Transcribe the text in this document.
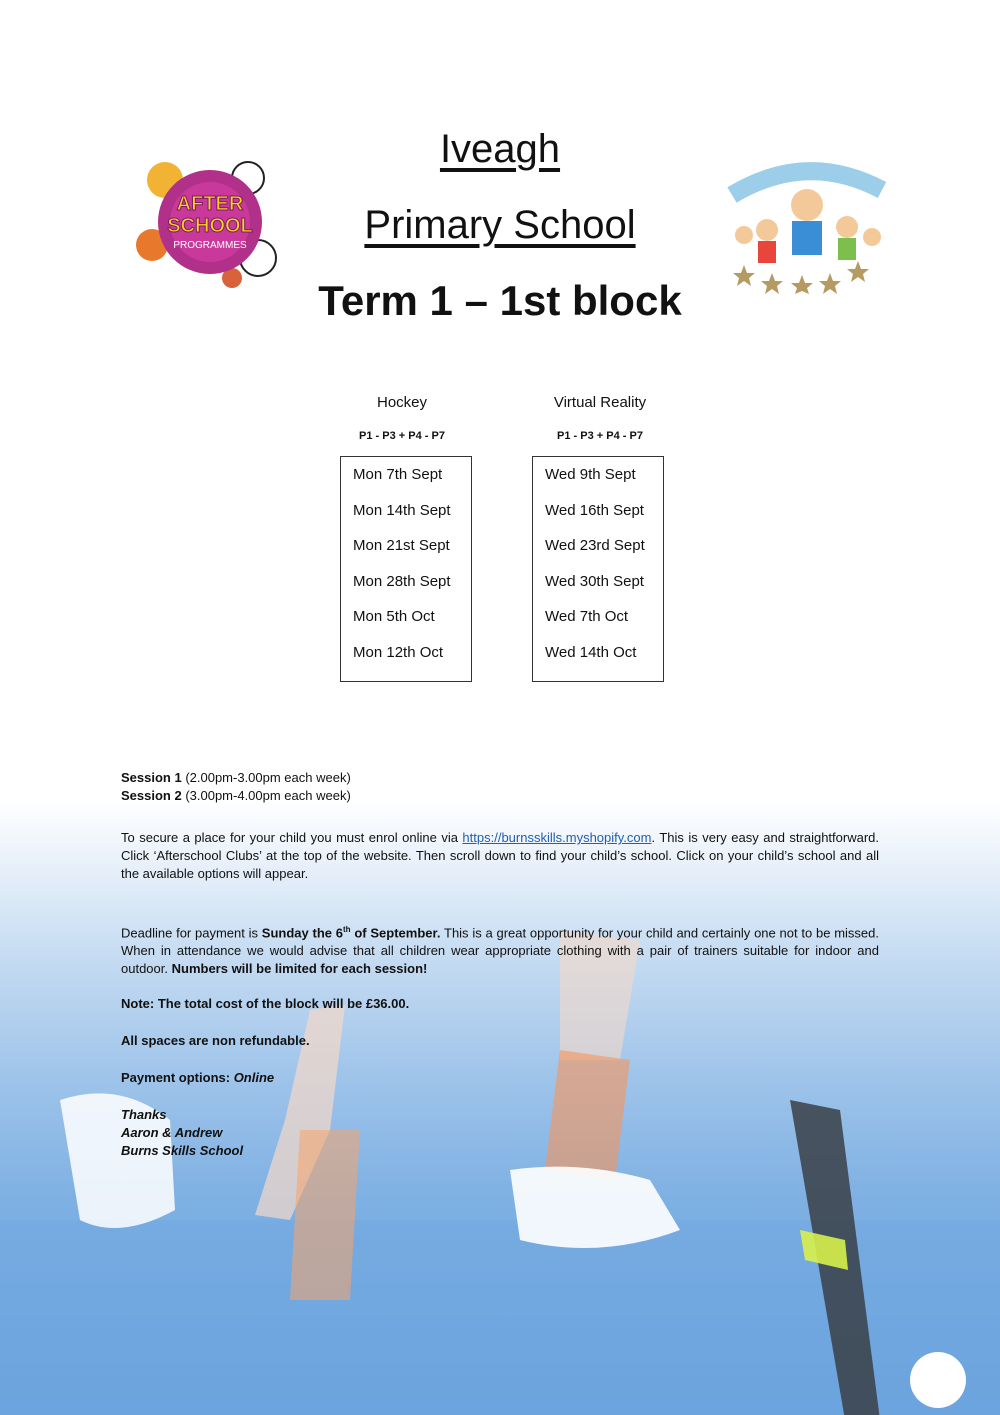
AFTER
SCHOOL
PROGRAMMES
Iveagh
Primary School
Term 1 – 1st block
Hockey
P1 - P3 + P4 - P7
Mon 7th Sept
Mon 14th Sept
Mon 21st Sept
Mon 28th Sept
Mon 5th Oct
Mon 12th Oct
Virtual Reality
P1 - P3 + P4 - P7
Wed 9th Sept
Wed 16th Sept
Wed 23rd Sept
Wed 30th Sept
Wed 7th Oct
Wed 14th Oct
Session 1 (2.00pm-3.00pm each week)
Session 2 (3.00pm-4.00pm each week)
To secure a place for your child you must enrol online via https://burnsskills.myshopify.com. This is very easy and straightforward. Click ‘Afterschool Clubs’ at the top of the website. Then scroll down to find your child’s school. Click on your child’s school and all the available options will appear.
Deadline for payment is Sunday the 6th of September. This is a great opportunity for your child and certainly one not to be missed. When in attendance we would advise that all children wear appropriate clothing with a pair of trainers suitable for indoor and outdoor. Numbers will be limited for each session!
Note: The total cost of the block will be £36.00.
All spaces are non refundable.
Payment options: Online
Thanks
Aaron & Andrew
Burns Skills School
